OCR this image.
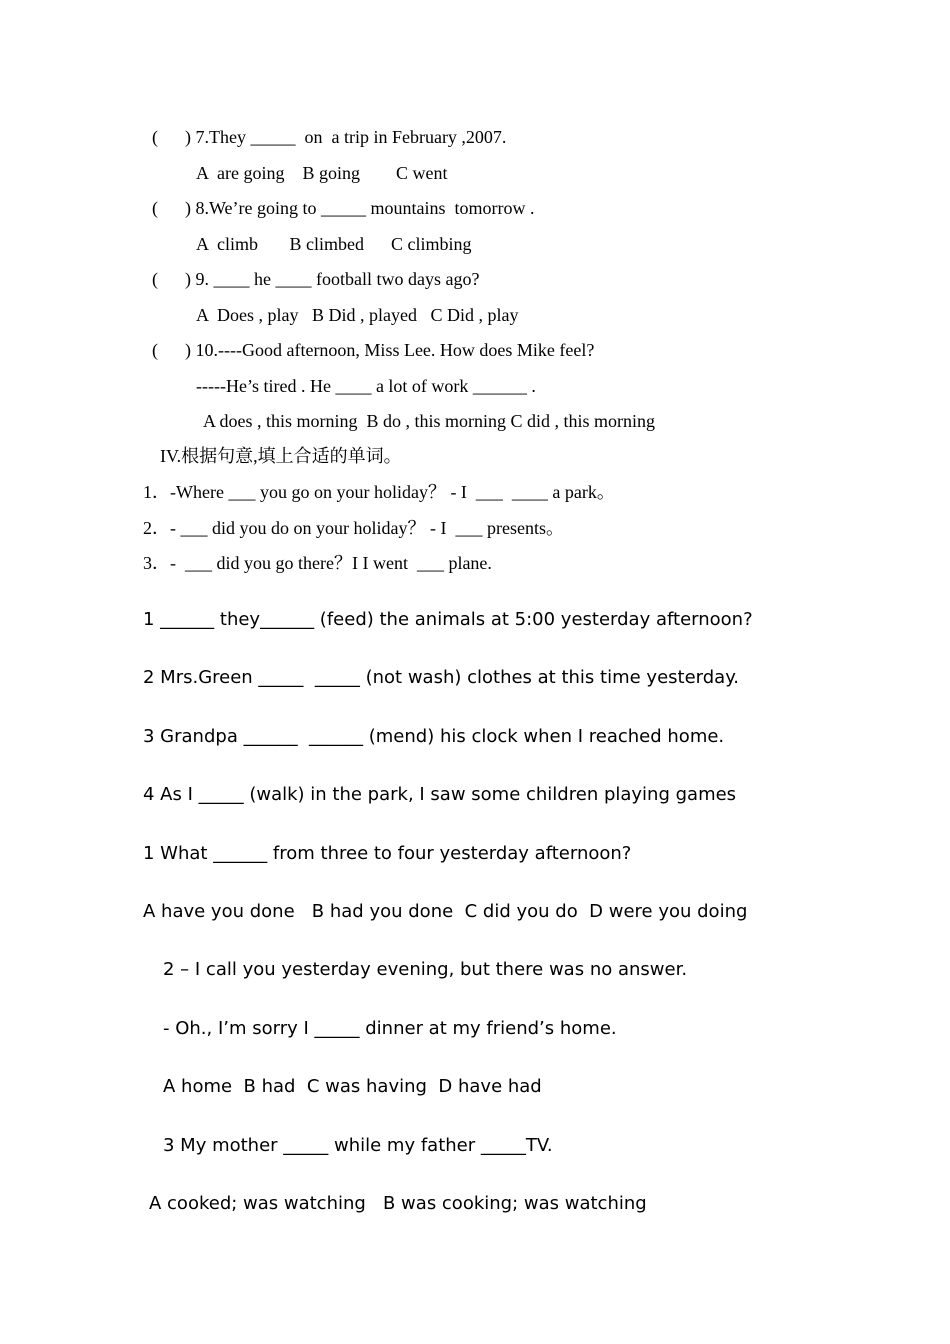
(      ) 7.They _____  on  a trip in February ,2007.
A  are going    B going        C went
(      ) 8.We’re going to _____ mountains  tomorrow .
A  climb       B climbed      C climbing
(      ) 9. ____ he ____ football two days ago?
A  Does , play   B Did , played   C Did , play
(      ) 10.----Good afternoon, Miss Lee. How does Mike feel?
-----He’s tired . He ____ a lot of work ______ .
A does , this morning  B do , this morning C did , this morning
IV.根据句意,填上合适的单词。
1．-Where ___ you go on your holiday？ - I  ___  ____ a park。
2．- ___ did you do on your holiday？ - I  ___ presents。
3．-  ___ did you go there？I I went  ___ plane.
1 ______ they______ (feed) the animals at 5:00 yesterday afternoon?
2 Mrs.Green _____  _____ (not wash) clothes at this time yesterday.
3 Grandpa ______  ______ (mend) his clock when I reached home.
4 As I _____ (walk) in the park, I saw some children playing games
1 What ______ from three to four yesterday afternoon?
A have you done   B had you done  C did you do  D were you doing
2 – I call you yesterday evening, but there was no answer.
- Oh., I’m sorry I _____ dinner at my friend’s home.
A home  B had  C was having  D have had
3 My mother _____ while my father _____TV.
A cooked; was watching   B was cooking; was watching
